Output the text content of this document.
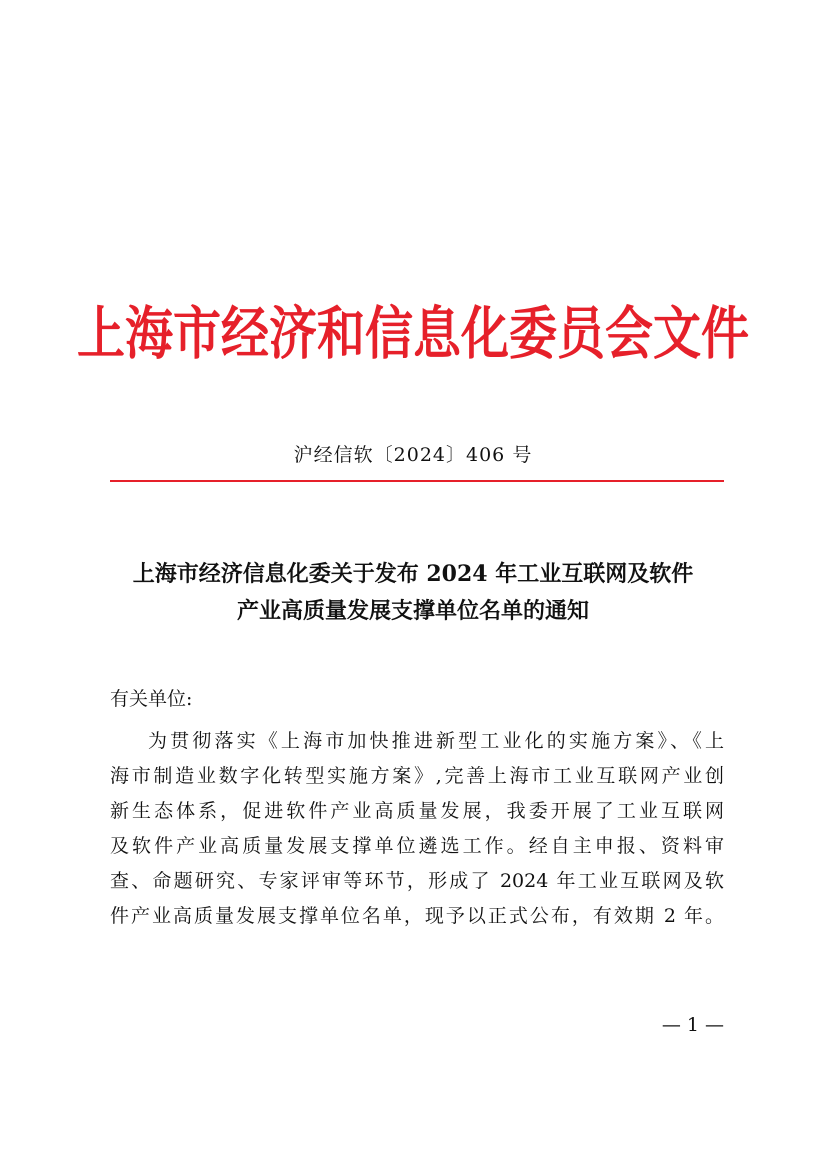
上海市经济和信息化委员会文件
沪经信软〔2024〕406 号
上海市经济信息化委关于发布 2024 年工业互联网及软件
产业高质量发展支撑单位名单的通知
有关单位:
为贯彻落实《上海市加快推进新型工业化的实施方案》、《上
海市制造业数字化转型实施方案》,完善上海市工业互联网产业创
新生态体系，促进软件产业高质量发展，我委开展了工业互联网
及软件产业高质量发展支撑单位遴选工作。经自主申报、资料审
查、命题研究、专家评审等环节，形成了 2024 年工业互联网及软
件产业高质量发展支撑单位名单，现予以正式公布，有效期 2 年。
— 1 —
